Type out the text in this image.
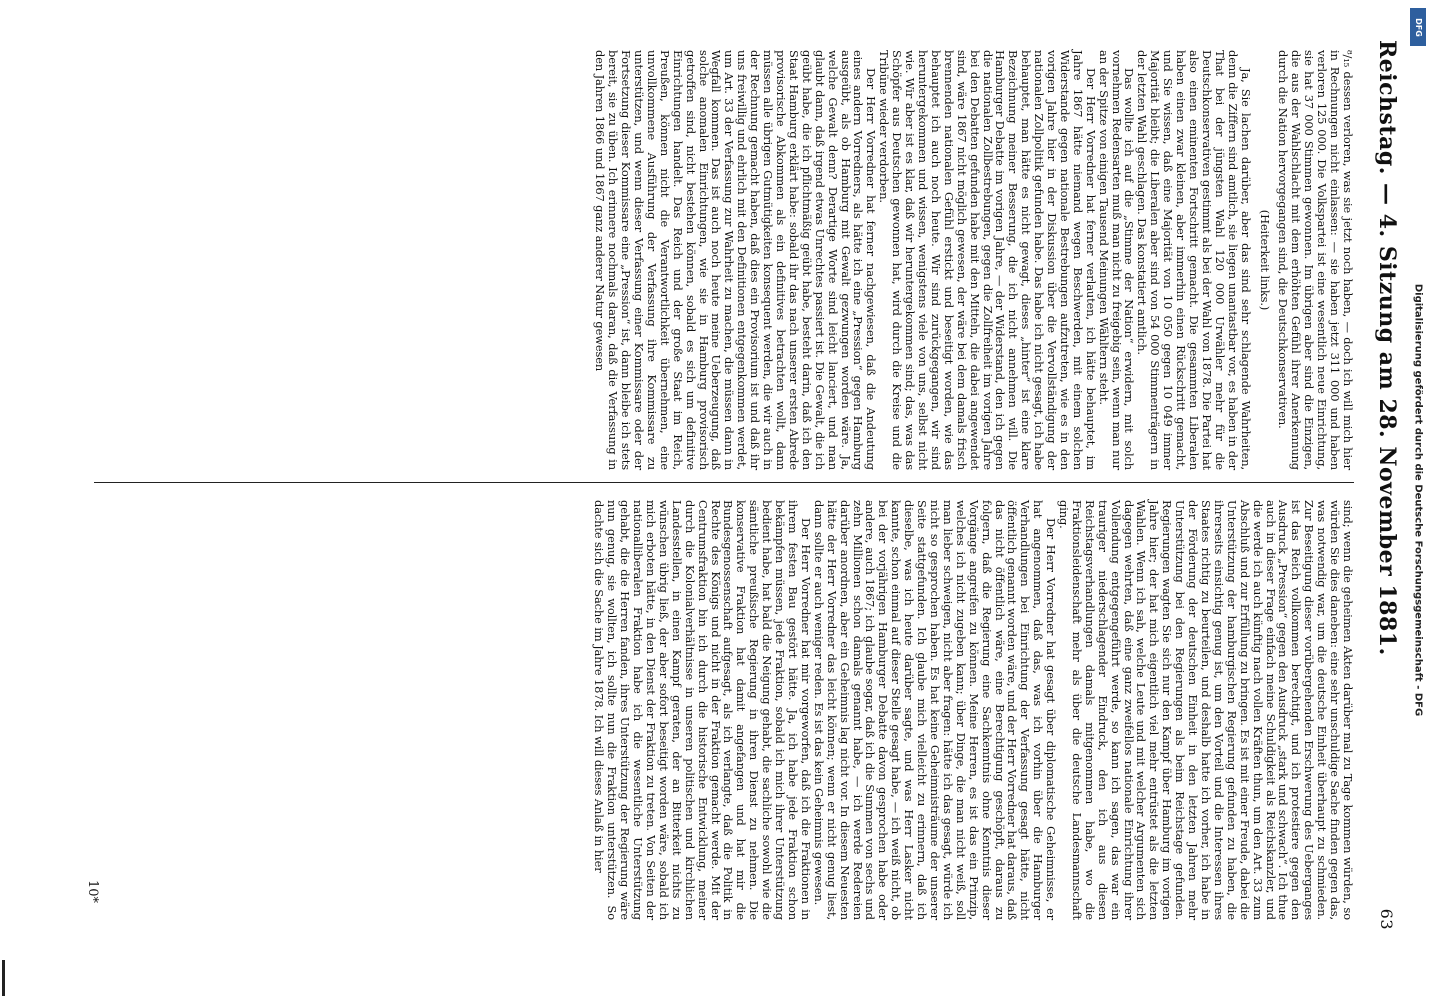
Reichstag. — 4. Sitzung am 28. November 1881.
63

⁸/₁₅ dessen verloren, was sie jetzt noch haben, — doch ich will mich hier in Rechnungen nicht einlassen: — sie haben jetzt 311 000 und haben verloren 125 000. Die Volkspartei ist eine wesentlich neue Einrichtung, sie hat 37 000 Stimmen gewonnen. Im übrigen aber sind die Einzigen, die aus der Wahlschlacht mit dem erhöhten Gefühl ihrer Anerkennung durch die Nation hervorgegangen sind, die Deutschkonservativen.

(Heiterkeit links.)

Ja, Sie lachen darüber, aber das sind sehr schlagende Wahrheiten, denn die Ziffern sind amtlich, sie liegen unantastbar vor, es haben in der That bei der jüngsten Wahl 120 000 Urwähler mehr für die Deutschkonservativen gestimmt als bei der Wahl von 1878. Die Partei hat also einen eminenten Fortschritt gemacht. Die gesammten Liberalen haben einen zwar kleinen, aber immerhin einen Rückschritt gemacht, und Sie wissen, daß eine Majorität von 10 050 gegen 10 049 immer Majorität bleibt; die Liberalen aber sind von 54 000 Stimmenträgern in der letzten Wahl geschlagen. Das konstatiert amtlich.

Das wollte ich auf die „Stimme der Nation“ erwidern, mit solch vornehmen Redensarten muß man nicht zu freigebig sein, wenn man nur an der Spitze von einigen Tausend Meinungen Wähltern steht.

Der Herr Vorredner hat ferner verlauten, ich hätte behauptet, im Jahre 1867 hätte niemand wegen Beschwerden, mit einem solchen Widerstande gegen nationale Bestrebungen aufzutreten, wie es in den vorigen Jahre hier in der Diskussion über die Vervollständigung der nationalen Zollpolitik gefunden habe. Das habe ich nicht gesagt, ich habe behauptet, man hätte es nicht gewagt, dieses „hinter“ ist eine klare Bezeichnung meiner Besserung, die ich nicht annehmen will. Die Hamburger Debatte im vorigen Jahre, — der Widerstand, den ich gegen die nationalen Zollbestrebungen, gegen die Zollfreiheit im vorigen Jahre bei den Debatten gefunden habe mit den Mitteln, die dabei angewendet sind, wäre 1867 nicht möglich gewesen, der wäre bei dem damals frisch brennenden nationalen Gefühl erstickt und beseitigt worden, wie das behauptet ich auch noch heute. Wir sind zurückgegangen, wir sind heruntergekommen und wissen, wenigstens viele von uns, selbst nicht wie. Wir aber ist es klar, daß wir heruntergekommen sind; das, was das Schöpfer aus Deutschen gewonnen hat, wird durch die Kreise und die Tribüne wieder verdorben.

Der Herr Vorredner hat ferner nachgewiesen, daß die Andeutung eines andern Vorredners, als hätte ich eine „Pression“ gegen Hamburg ausgeübt, als ob Hamburg mit Gewalt gezwungen worden wäre. Ja, welche Gewalt denn? Derartige Worte sind leicht lanciert, und man glaubt dann, daß irgend etwas Unrechtes passiert ist. Die Gewalt, die ich geübt habe, die ich pflichtmäßig geübt habe, besteht darin, daß ich den Staat Hamburg erklärt habe: sobald ihr das nach unserer ersten Abrede provisorische Abkommen als ein definitives betrachten wollt, dann müssen alle übrigen Gutmütigkeiten konsequent werden, die wir auch in der Rechnung gemacht haben, daß dies ein Provisorium ist und daß ihr uns freiwillig und ehrlich mit den Definitionen entgegenkommen werdet, um Art. 33 der Verfassung zur Wahrheit zu machen, die müssen dann in Wegfall kommen. Das ist auch noch heute meine Ueberzeugung, daß solche anomalen Einrichtungen, wie sie in Hamburg provisorisch getroffen sind, nicht bestehen können, sobald es sich um definitive Einrichtungen handelt. Das Reich und der große Staat im Reich, Preußen, können nicht die Verantwortlichkeit übernehmen, eine unvollkommene Ausführung der Verfassung ihre Kommissare zu unterstützen, und wenn dieser Verfassung einer Kommissare oder der Fortsetzung dieser Kommissare eine „Pression“ ist, dann bleibe ich stets bereit, sie zu üben. Ich erinnere nochmals daran, daß die Verfassung in den Jahren 1866 und 1867 ganz anderer Natur gewesen

sind; wenn die geheimen Akten darüber mal zu Tage kommen würden, so würden Sie dies daneben: eine sehr unschuldige Sache finden gegen das, was notwendig war, um die deutsche Einheit überhaupt zu schmieden. Zur Beseitigung dieser vorübergehenden Erschwerung des Ueberganges ist das Reich vollkommen berechtigt, und ich protestiere gegen den Ausdruck „Pression“ gegen den Ausdruck „stark und schwach“. Ich thue auch in dieser Frage einfach meine Schuldigkeit als Reichskanzler, und die werde ich auch künftig nach vollen Kräften thun, um den Art. 33 zum Abschluß und zur Erfüllung zu bringen. Es ist mit einer Freude, dabei die Unterstützung der hamburgischen Regierung gefunden zu haben, die ihrerseits einsichtig genug ist, um den Vorteil und die Interessen ihres Staates richtig zu beurteilen, und deshalb hatte ich vorher, ich habe in der Förderung der deutschen Einheit in den letzten Jahren mehr Unterstützung bei den Regierungen als beim Reichstage gefunden. Regierungen wagten Sie sich nur den Kampf über Hamburg im vorigen Jahre hier; der hat mich eigentlich viel mehr entrüstet als die letzten Wahlen. Wenn ich sah, welche Leute und mit welcher Argumenten sich dagegen wehrten, daß eine ganz zweifellos nationale Einrichtung ihrer Vollendung entgegengeführt werde, so kann ich sagen, das war ein trauriger niederschlagender Eindruck, den ich aus diesen Reichstagsverhandlungen damals mitgenommen habe, wo die Fraktionsleidenschaft mehr als über die deutsche Landesmannschaft ging.

Der Herr Vorredner hat gesagt über diplomatische Geheimnisse, er hat angenommen, daß das, was ich vorhin über die Hamburger Verhandlungen bei Einrichtung der Verfassung gesagt hätte, nicht öffentlich genannt worden wäre, und der Herr Vorredner hat daraus, daß das nicht öffentlich wäre, eine Berechtigung geschöpft, daraus zu folgern, daß die Regierung eine Sachkenntnis ohne Kenntnis dieser Vorgänge angreifen zu können. Meine Herren, es ist das ein Prinzip, welches ich nicht zugeben kann; über Dinge, die man nicht weiß, soll man lieber schweigen, nicht aber fragen: hätte ich das gesagt, würde ich nicht so gesprochen haben. Es hat keine Geheimnisträume der unserer Seite stattgefunden. Ich glaube mich vielleicht zu erinnern, daß ich dieselbe, was ich heute darüber sagte, und was Herr Lasker nicht kannte, schon einmal auf dieser Stelle gesagt habe, — ich weiß nicht, ob bei der vorjährigen Hamburger Debatte davon gesprochen habe oder andere, auch 1867; ich glaube sogar, daß ich die Summen von sechs und zehn Millionen schon damals genannt habe, — ich werde Redereien darüber anordnen, aber ein Geheimnis lag nicht vor. In diesem Neuesten hätte der Herr Vorredner das leicht können; wenn er nicht genug liest, dann sollte er auch weniger reden. Es ist das kein Geheimnis gewesen.

Der Herr Vorredner hat mir vorgeworfen, daß ich die Fraktionen in ihrem festen Bau gestört hätte. Ja, ich habe jede Fraktion schon bekämpfen müssen, jede Fraktion, sobald ich mich ihrer Unterstützung bedient habe, hat bald die Neigung gehabt, die sachliche sowohl wie die sämtliche preußische Regierung in ihren Dienst zu nehmen. Die konservative Fraktion hat damit angefangen und hat mir die Bundesgenossenschaft aufgesagt, als ich verlangte, daß die Politik in Rechte des Königs und nicht in der Fraktion gemacht werde. Mit der Centrumsfraktion bin ich durch die historische Entwicklung, meiner durch die Kolonialverhältnisse in unseren politischen und kirchlichen Landesstellen, in einen Kampf geraten, der an Bitterkeit nichts zu wünschen übrig ließ, der aber sofort beseitigt worden wäre, sobald ich mich erboten hätte, in den Dienst der Fraktion zu treten. Von Seiten der nationalliberalen Fraktion habe ich die wesentliche Unterstützung gehabt, die die Herren fanden, ihres Unterstützung der Regierung wäre nun genug, sie wollten, ich sollte nun die Fraktion unterstützen. So dachte sich die Sache im Jahre 1878. Ich will dieses Anlaß in hier

10*
DFG
Digitalisierung gefördert durch die Deutsche Forschungsgemeinschaft - DFG
